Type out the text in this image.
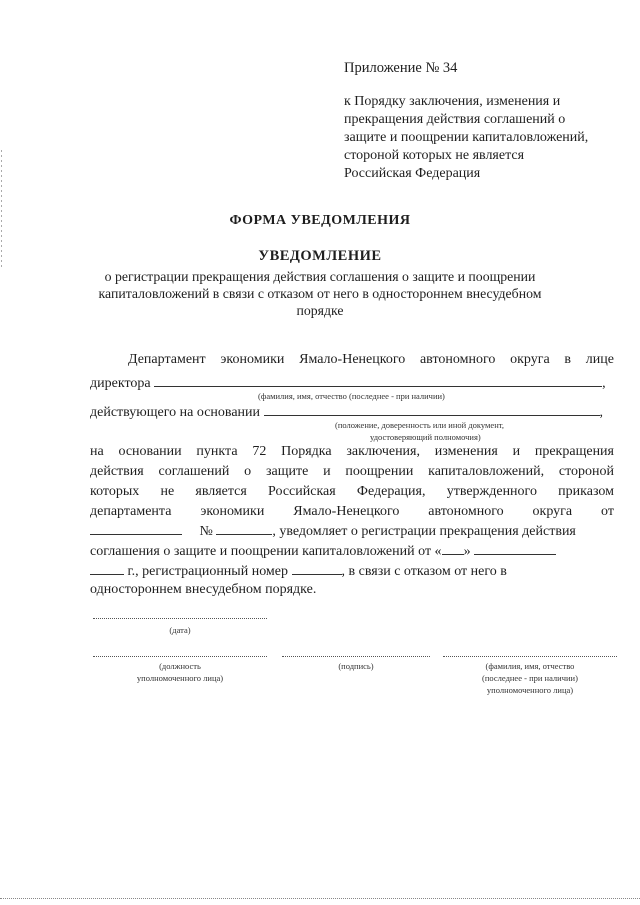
Приложение № 34
к Порядку заключения, изменения и
прекращения действия соглашений о
защите и поощрении капиталовложений,
стороной которых не является
Российская Федерация
ФОРМА УВЕДОМЛЕНИЯ
УВЕДОМЛЕНИЕ
о регистрации прекращения действия соглашения о защите и поощрении
капиталовложений в связи с отказом от него в одностороннем внесудебном
порядке
Департамент экономики Ямало-Ненецкого автономного округа в лице
директора	,
(фамилия, имя, отчество (последнее - при наличии)
действующего на основании	,
(положение, доверенность или иной документ,
удостоверяющий полномочия)
на основании пункта 72 Порядка заключения, изменения и прекращения
действия соглашений о защите и поощрении капиталовложений, стороной
которых не является Российская Федерация, утвержденного приказом
департамента экономики Ямало-Ненецкого автономного округа от
№	, уведомляет о регистрации прекращения действия
соглашения о защите и поощрении капиталовложений от « »
г., регистрационный номер	, в связи с отказом от него в
одностороннем внесудебном порядке.
(дата)
(должность
уполномоченного лица)
(подпись)	(фамилия, имя, отчество
(последнее - при наличии)
уполномоченного лица)
